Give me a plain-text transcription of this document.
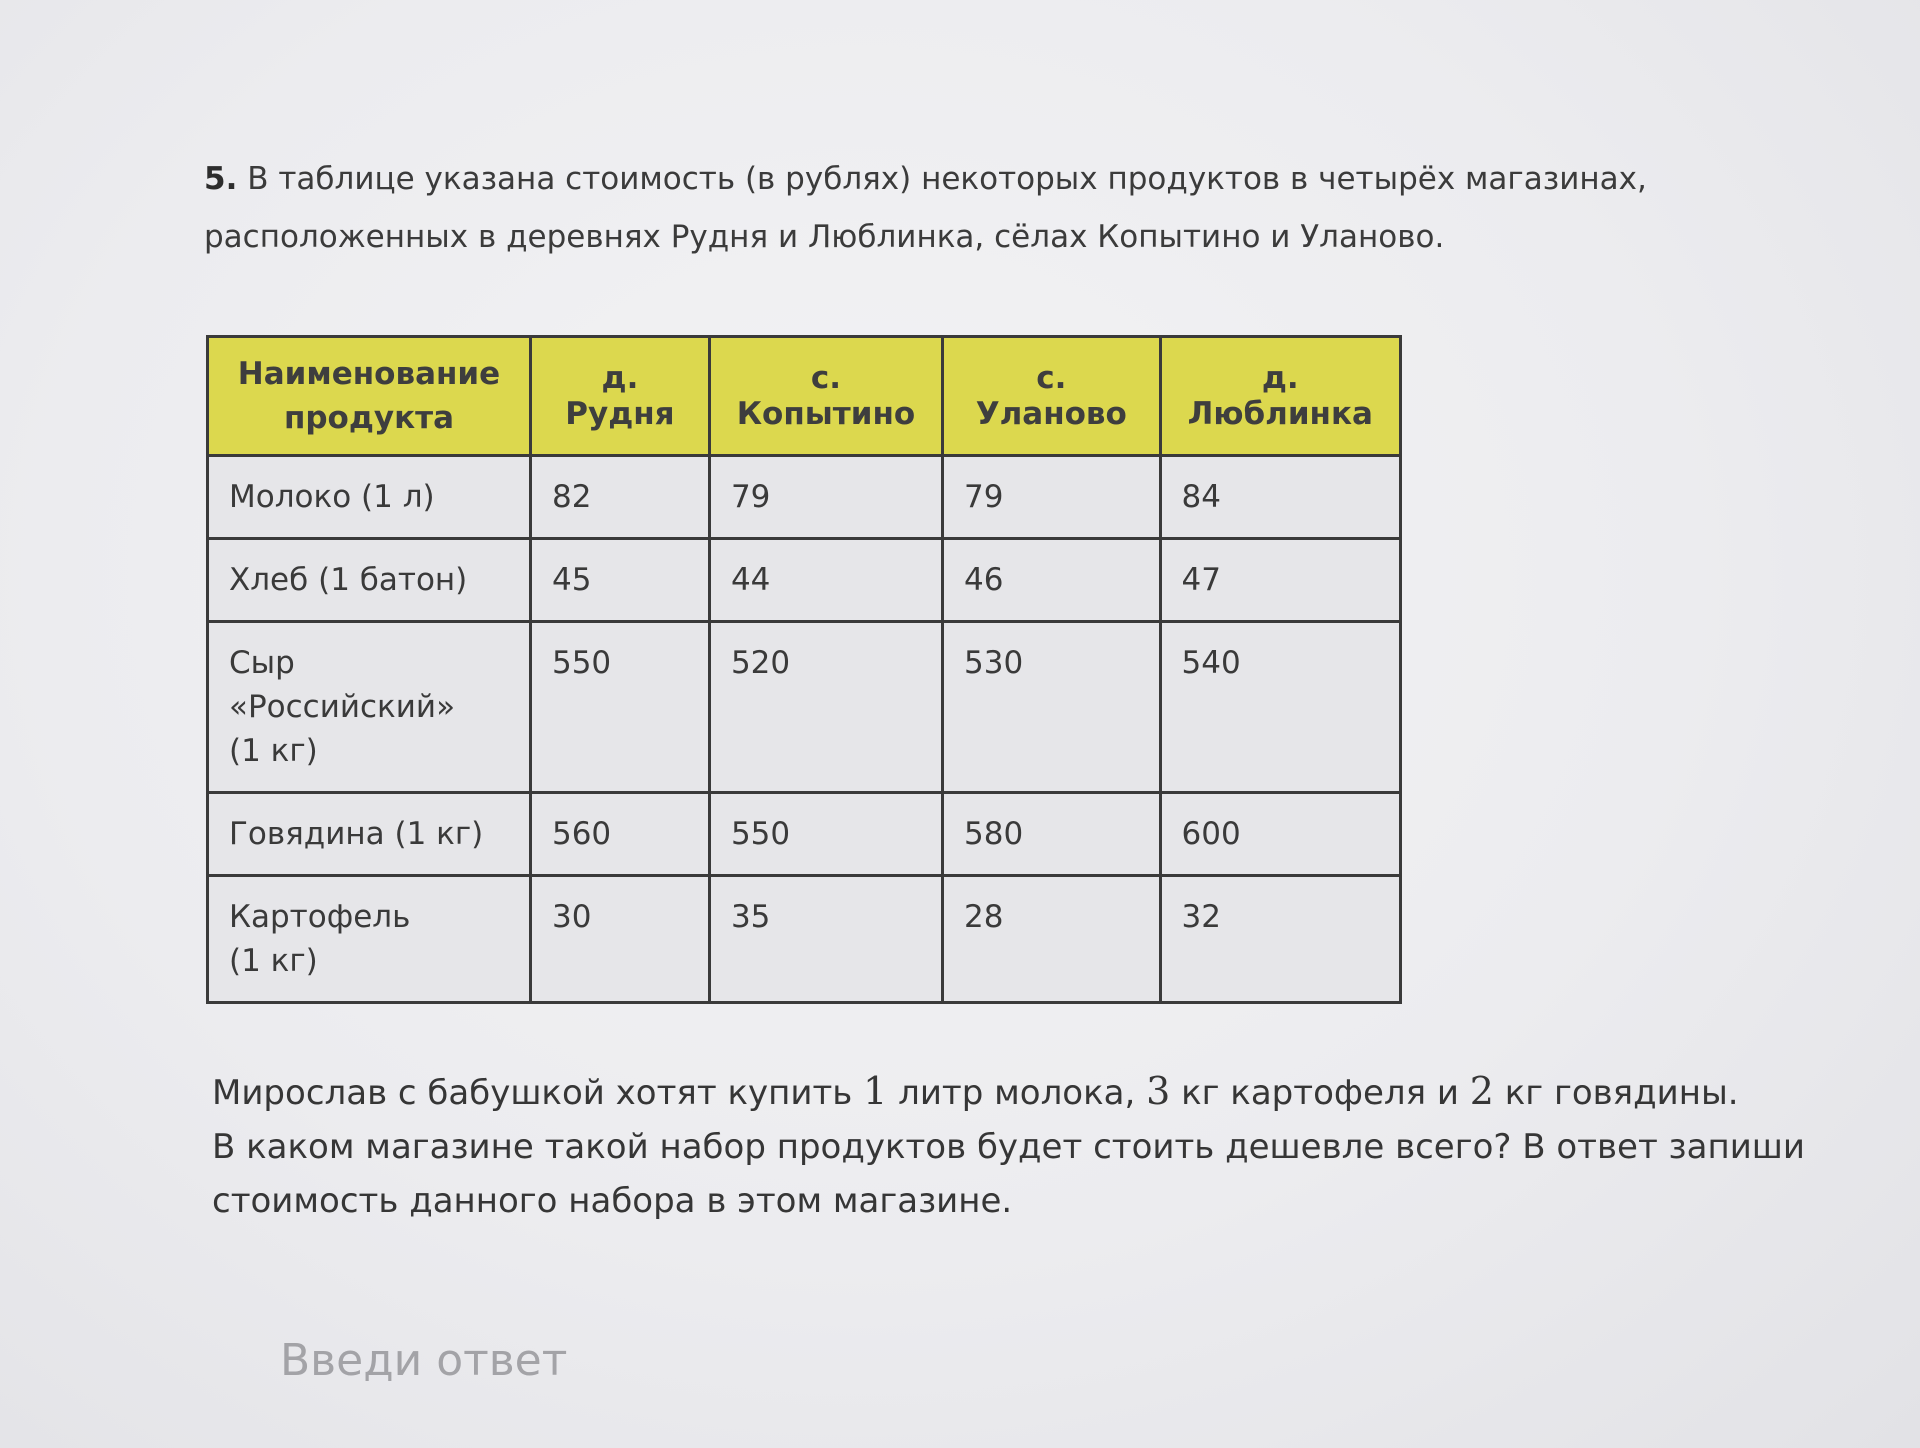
5. В таблице указана стоимость (в рублях) некоторых продуктов в четырёх магазинах, расположенных в деревнях Рудня и Люблинка, сёлах Копытино и Уланово.

Наименование
продукта	д. Рудня	с. Копытино	с. Уланово	д. Люблинка
Молоко (1 л)	82	79	79	84
Хлеб (1 батон)	45	44	46	47
Сыр
«Российский»
(1 кг)	550	520	530	540
Говядина (1 кг)	560	550	580	600
Картофель
(1 кг)	30	35	28	32

Мирослав с бабушкой хотят купить 1 литр молока, 3 кг картофеля и 2 кг говядины.
В каком магазине такой набор продуктов будет стоить дешевле всего? В ответ запиши стоимость данного набора в этом магазине.

Введи ответ
